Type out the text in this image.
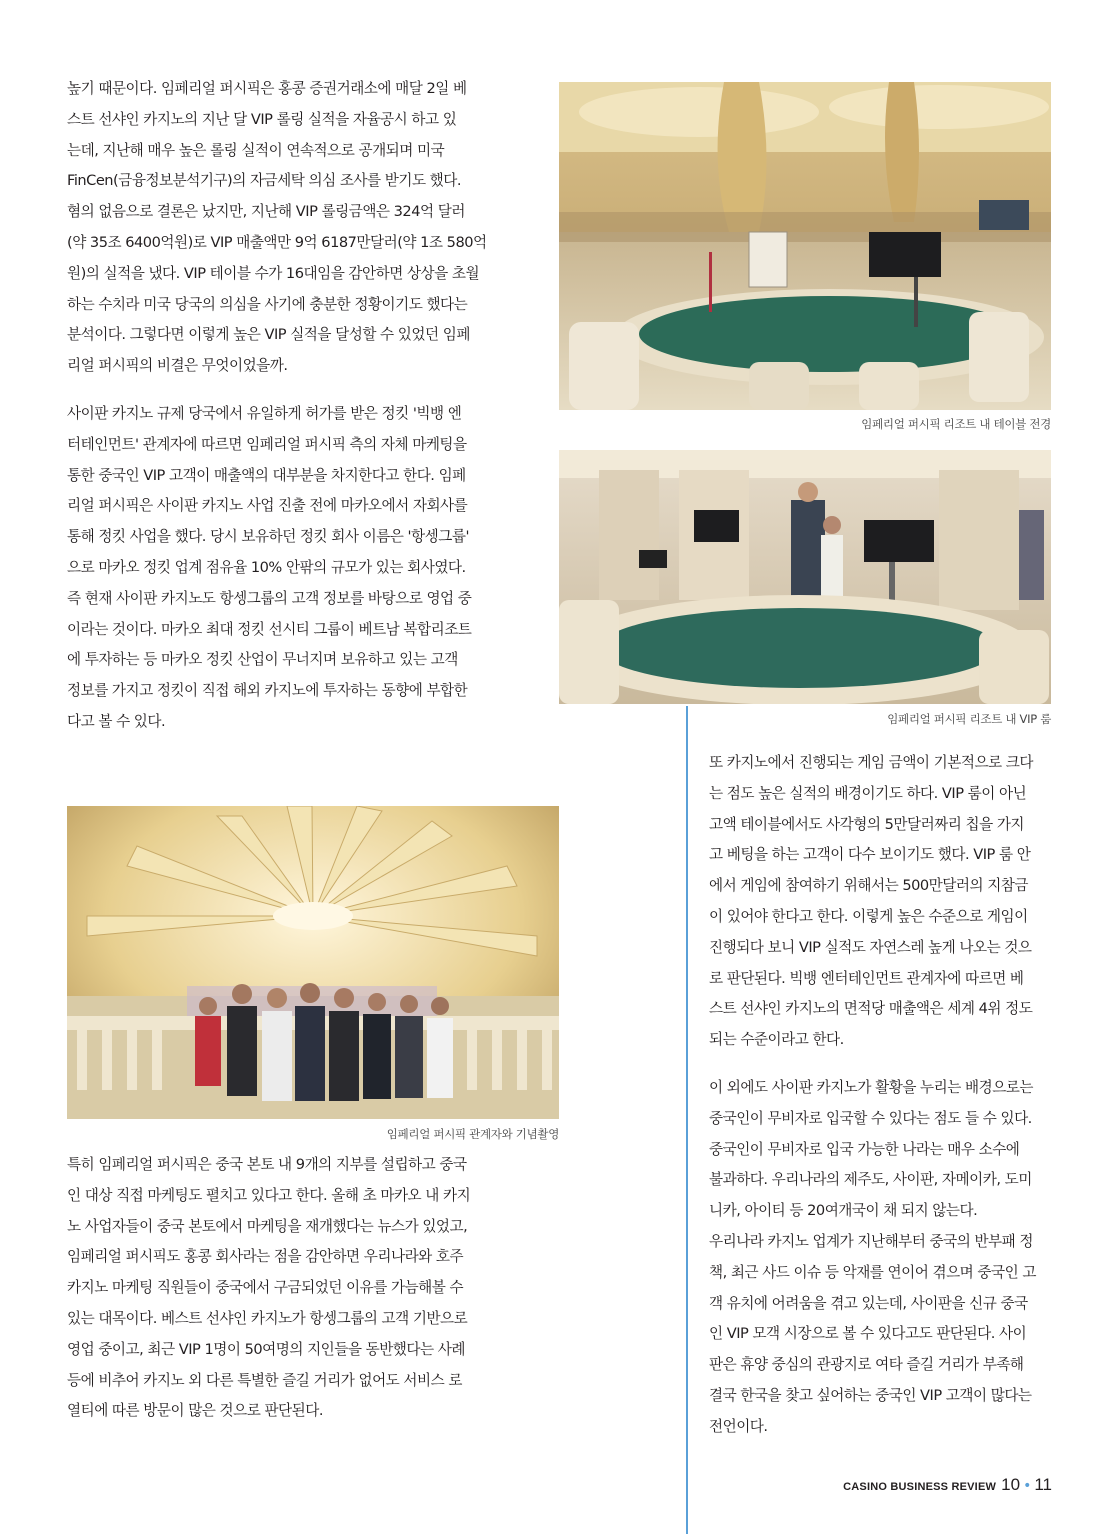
높기 때문이다. 임페리얼 퍼시픽은 홍콩 증권거래소에 매달 2일 베
스트 선샤인 카지노의 지난 달 VIP 롤링 실적을 자율공시 하고 있
는데, 지난해 매우 높은 롤링 실적이 연속적으로 공개되며 미국
FinCen(금융정보분석기구)의 자금세탁 의심 조사를 받기도 했다.
혐의 없음으로 결론은 났지만, 지난해 VIP 롤링금액은 324억 달러
(약 35조 6400억원)로 VIP 매출액만 9억 6187만달러(약 1조 580억
원)의 실적을 냈다. VIP 테이블 수가 16대임을 감안하면 상상을 초월
하는 수치라 미국 당국의 의심을 사기에 충분한 정황이기도 했다는
분석이다. 그렇다면 이렇게 높은 VIP 실적을 달성할 수 있었던 임페
리얼 퍼시픽의 비결은 무엇이었을까.
사이판 카지노 규제 당국에서 유일하게 허가를 받은 정킷 '빅뱅 엔
터테인먼트' 관계자에 따르면 임페리얼 퍼시픽 측의 자체 마케팅을
통한 중국인 VIP 고객이 매출액의 대부분을 차지한다고 한다. 임페
리얼 퍼시픽은 사이판 카지노 사업 진출 전에 마카오에서 자회사를
통해 정킷 사업을 했다. 당시 보유하던 정킷 회사 이름은 '항셍그룹'
으로 마카오 정킷 업계 점유율 10% 안팎의 규모가 있는 회사였다.
즉 현재 사이판 카지노도 항셍그룹의 고객 정보를 바탕으로 영업 중
이라는 것이다. 마카오 최대 정킷 선시티 그룹이 베트남 복합리조트
에 투자하는 등 마카오 정킷 산업이 무너지며 보유하고 있는 고객
정보를 가지고 정킷이 직접 해외 카지노에 투자하는 동향에 부합한
다고 볼 수 있다.
특히 임페리얼 퍼시픽은 중국 본토 내 9개의 지부를 설립하고 중국
인 대상 직접 마케팅도 펼치고 있다고 한다. 올해 초 마카오 내 카지
노 사업자들이 중국 본토에서 마케팅을 재개했다는 뉴스가 있었고,
임페리얼 퍼시픽도 홍콩 회사라는 점을 감안하면 우리나라와 호주
카지노 마케팅 직원들이 중국에서 구금되었던 이유를 가늠해볼 수
있는 대목이다. 베스트 선샤인 카지노가 항셍그룹의 고객 기반으로
영업 중이고, 최근 VIP 1명이 50여명의 지인들을 동반했다는 사례
등에 비추어 카지노 외 다른 특별한 즐길 거리가 없어도 서비스 로
열티에 따른 방문이 많은 것으로 판단된다.
또 카지노에서 진행되는 게임 금액이 기본적으로 크다
는 점도 높은 실적의 배경이기도 하다. VIP 룸이 아닌
고액 테이블에서도 사각형의 5만달러짜리 칩을 가지
고 베팅을 하는 고객이 다수 보이기도 했다. VIP 룸 안
에서 게임에 참여하기 위해서는 500만달러의 지참금
이 있어야 한다고 한다. 이렇게 높은 수준으로 게임이
진행되다 보니 VIP 실적도 자연스레 높게 나오는 것으
로 판단된다. 빅뱅 엔터테인먼트 관계자에 따르면 베
스트 선샤인 카지노의 면적당 매출액은 세계 4위 정도
되는 수준이라고 한다.
이 외에도 사이판 카지노가 활황을 누리는 배경으로는
중국인이 무비자로 입국할 수 있다는 점도 들 수 있다.
중국인이 무비자로 입국 가능한 나라는 매우 소수에
불과하다. 우리나라의 제주도, 사이판, 자메이카, 도미
니카, 아이티 등 20여개국이 채 되지 않는다.
우리나라 카지노 업계가 지난해부터 중국의 반부패 정
책, 최근 사드 이슈 등 악재를 연이어 겪으며 중국인 고
객 유치에 어려움을 겪고 있는데, 사이판을 신규 중국
인 VIP 모객 시장으로 볼 수 있다고도 판단된다. 사이
판은 휴양 중심의 관광지로 여타 즐길 거리가 부족해
결국 한국을 찾고 싶어하는 중국인 VIP 고객이 많다는
전언이다.
임페리얼 퍼시픽 리조트 내 테이블 전경
임페리얼 퍼시픽 리조트 내 VIP 룸
임페리얼 퍼시픽 관계자와 기념촬영
CASINO BUSINESS REVIEW 10 • 11
